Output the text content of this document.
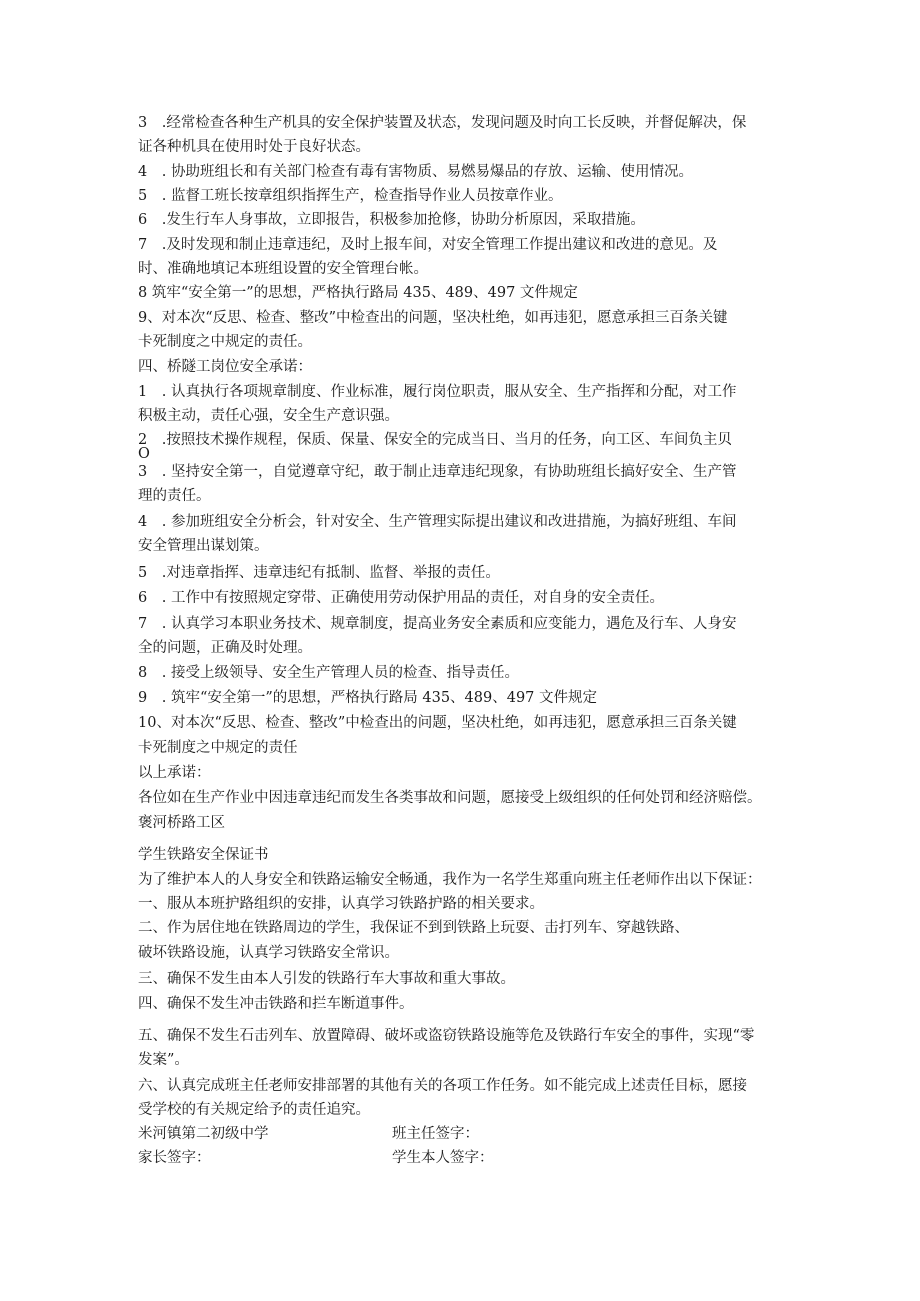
3　.经常检查各种生产机具的安全保护装置及状态，发现问题及时向工长反映，并督促解决，保

证各种机具在使用时处于良好状态。

4　. 协助班组长和有关部门检查有毒有害物质、易燃易爆品的存放、运输、使用情况。

5　. 监督工班长按章组织指挥生产，检查指导作业人员按章作业。

6　.发生行车人身事故，立即报告，积极参加抢修，协助分析原因，采取措施。

7　.及时发现和制止违章违纪，及时上报车间，对安全管理工作提出建议和改进的意见。及

时、准确地填记本班组设置的安全管理台帐。

8 筑牢“安全第一”的思想，严格执行路局 435、489、497 文件规定

9、对本次“反思、检查、整改”中检查出的问题，坚决杜绝，如再违犯，愿意承担三百条关键

卡死制度之中规定的责任。

四、桥隧工岗位安全承诺：

1　. 认真执行各项规章制度、作业标准，履行岗位职责，服从安全、生产指挥和分配，对工作

积极主动，责任心强，安全生产意识强。

2　.按照技术操作规程，保质、保量、保安全的完成当日、当月的任务，向工区、车间负主贝

O

3　. 坚持安全第一，自觉遵章守纪，敢于制止违章违纪现象，有协助班组长搞好安全、生产管

理的责任。

4　. 参加班组安全分析会，针对安全、生产管理实际提出建议和改进措施，为搞好班组、车间

安全管理出谋划策。

5　.对违章指挥、违章违纪有抵制、监督、举报的责任。

6　. 工作中有按照规定穿带、正确使用劳动保护用品的责任，对自身的安全责任。

7　. 认真学习本职业务技术、规章制度，提高业务安全素质和应变能力，遇危及行车、人身安

全的问题，正确及时处理。

8　. 接受上级领导、安全生产管理人员的检查、指导责任。

9　. 筑牢“安全第一”的思想，严格执行路局 435、489、497 文件规定

10、对本次“反思、检查、整改”中检查出的问题，坚决杜绝，如再违犯，愿意承担三百条关键

卡死制度之中规定的责任

以上承诺：

各位如在生产作业中因违章违纪而发生各类事故和问题，愿接受上级组织的任何处罚和经济赔偿。

褒河桥路工区

学生铁路安全保证书

为了维护本人的人身安全和铁路运输安全畅通，我作为一名学生郑重向班主任老师作出以下保证：

一、服从本班护路组织的安排，认真学习铁路护路的相关要求。

二、作为居住地在铁路周边的学生，我保证不到到铁路上玩耍、击打列车、穿越铁路、

破坏铁路设施，认真学习铁路安全常识。

三、确保不发生由本人引发的铁路行车大事故和重大事故。

四、确保不发生冲击铁路和拦车断道事件。

五、确保不发生石击列车、放置障碍、破坏或盗窃铁路设施等危及铁路行车安全的事件，实现“零

发案”。

六、认真完成班主任老师安排部署的其他有关的各项工作任务。如不能完成上述责任目标，愿接

受学校的有关规定给予的责任追究。

米河镇第二初级中学	班主任签字：

家长签字：	学生本人签字：
